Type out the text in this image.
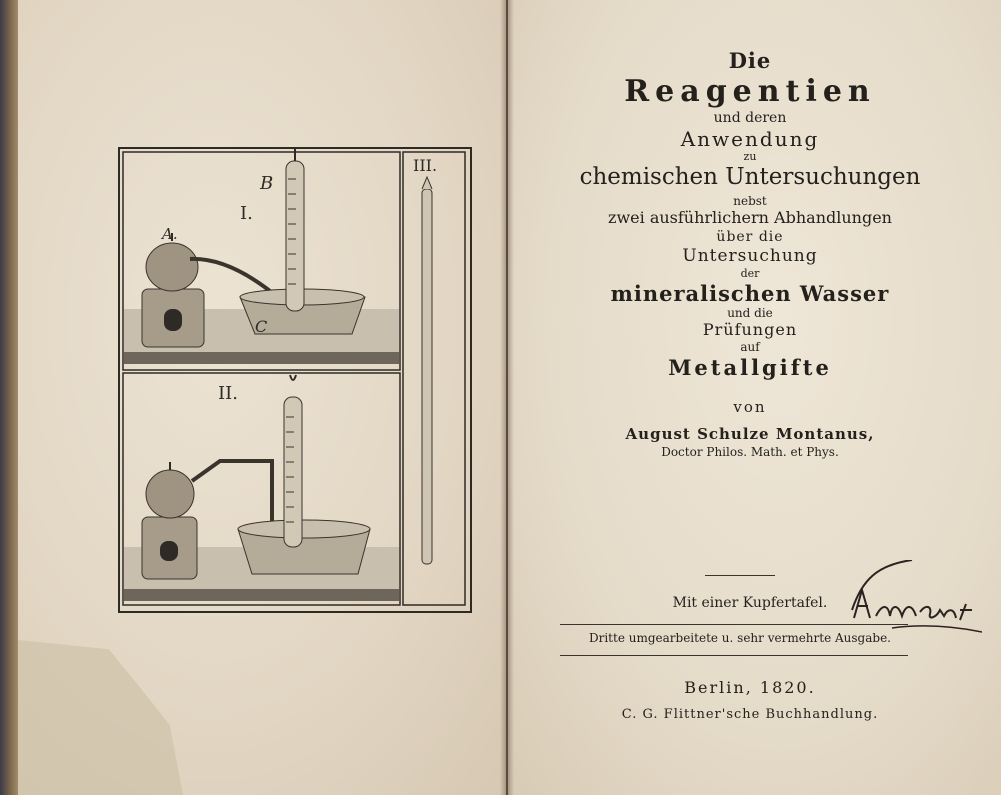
I.
II.
III.
A.
B
C
Die
Reagentien
und deren
Anwendung
zu
chemischen Untersuchungen
nebst
zwei ausführlichern Abhandlungen
über die
Untersuchung
der
mineralischen Wasser
und die
Prüfungen
auf
Metallgifte
von
August Schulze Montanus,
Doctor Philos. Math. et Phys.
Mit einer Kupfertafel.
Dritte umgearbeitete u. sehr vermehrte Ausgabe.
Berlin, 1820.
C. G. Flittner'sche Buchhandlung.
